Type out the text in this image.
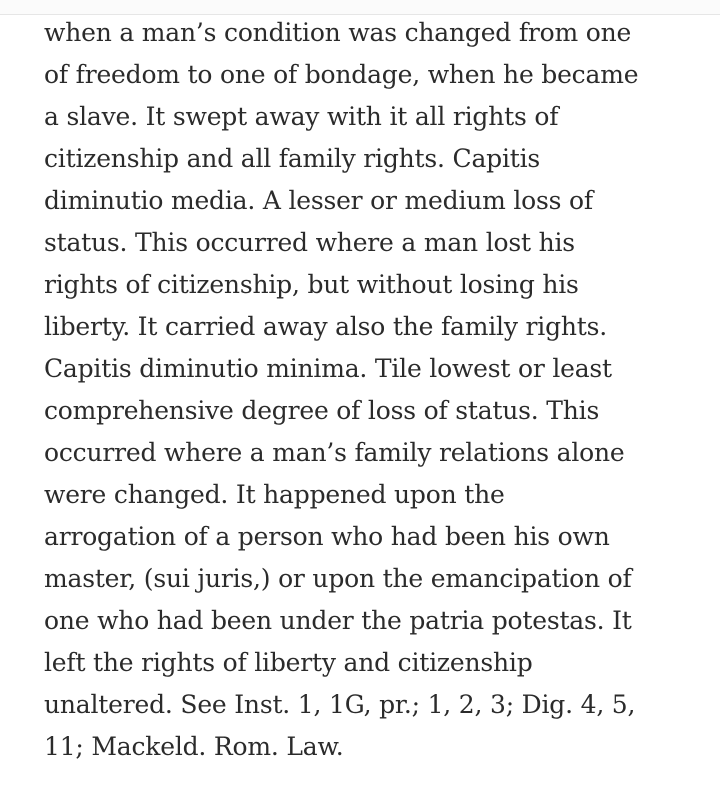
when a man’s condition was changed from one
of freedom to one of bondage, when he became
a slave. It swept away with it all rights of
citizenship and all family rights. Capitis
diminutio media. A lesser or medium loss of
status. This occurred where a man lost his
rights of citizenship, but without losing his
liberty. It carried away also the family rights.
Capitis diminutio minima. Tile lowest or least
comprehensive degree of loss of status. This
occurred where a man’s family relations alone
were changed. It happened upon the
arrogation of a person who had been his own
master, (sui juris,) or upon the emancipation of
one who had been under the patria potestas. It
left the rights of liberty and citizenship
unaltered. See Inst. 1, 1G, pr.; 1, 2, 3; Dig. 4, 5,
11; Mackeld. Rom. Law.
